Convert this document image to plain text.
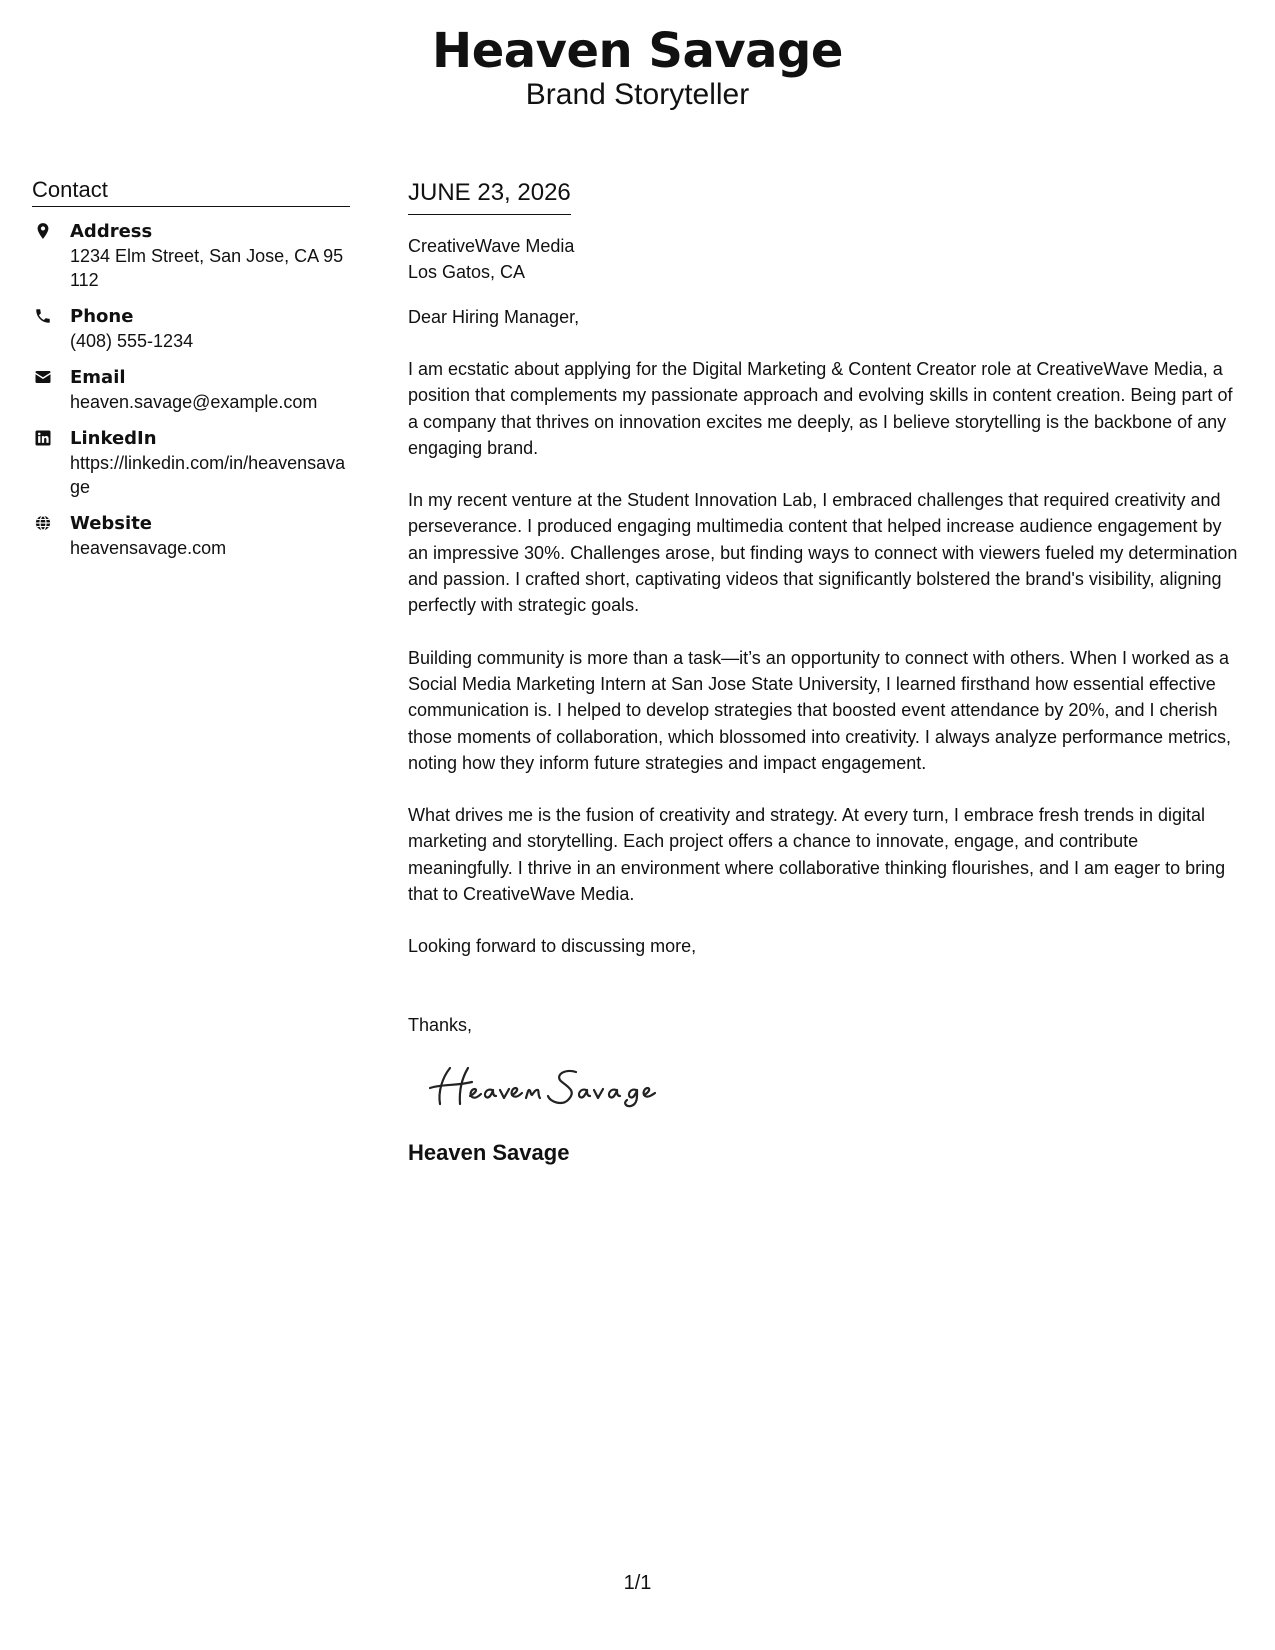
Heaven Savage
Brand Storyteller
Contact
Address
1234 Elm Street, San Jose, CA 95112
Phone
(408) 555-1234
Email
heaven.savage@example.com
LinkedIn
https://linkedin.com/in/heavensavage
Website
heavensavage.com
JUNE 23, 2026
CreativeWave Media
Los Gatos, CA
Dear Hiring Manager,
I am ecstatic about applying for the Digital Marketing & Content Creator role at CreativeWave Media, a position that complements my passionate approach and evolving skills in content creation. Being part of a company that thrives on innovation excites me deeply, as I believe storytelling is the backbone of any engaging brand.
In my recent venture at the Student Innovation Lab, I embraced challenges that required creativity and perseverance. I produced engaging multimedia content that helped increase audience engagement by an impressive 30%. Challenges arose, but finding ways to connect with viewers fueled my determination and passion. I crafted short, captivating videos that significantly bolstered the brand's visibility, aligning perfectly with strategic goals.
Building community is more than a task—it’s an opportunity to connect with others. When I worked as a Social Media Marketing Intern at San Jose State University, I learned firsthand how essential effective communication is. I helped to develop strategies that boosted event attendance by 20%, and I cherish those moments of collaboration, which blossomed into creativity. I always analyze performance metrics, noting how they inform future strategies and impact engagement.
What drives me is the fusion of creativity and strategy. At every turn, I embrace fresh trends in digital marketing and storytelling. Each project offers a chance to innovate, engage, and contribute meaningfully. I thrive in an environment where collaborative thinking flourishes, and I am eager to bring that to CreativeWave Media.
Looking forward to discussing more,
Thanks,
Heaven Savage
1/1
